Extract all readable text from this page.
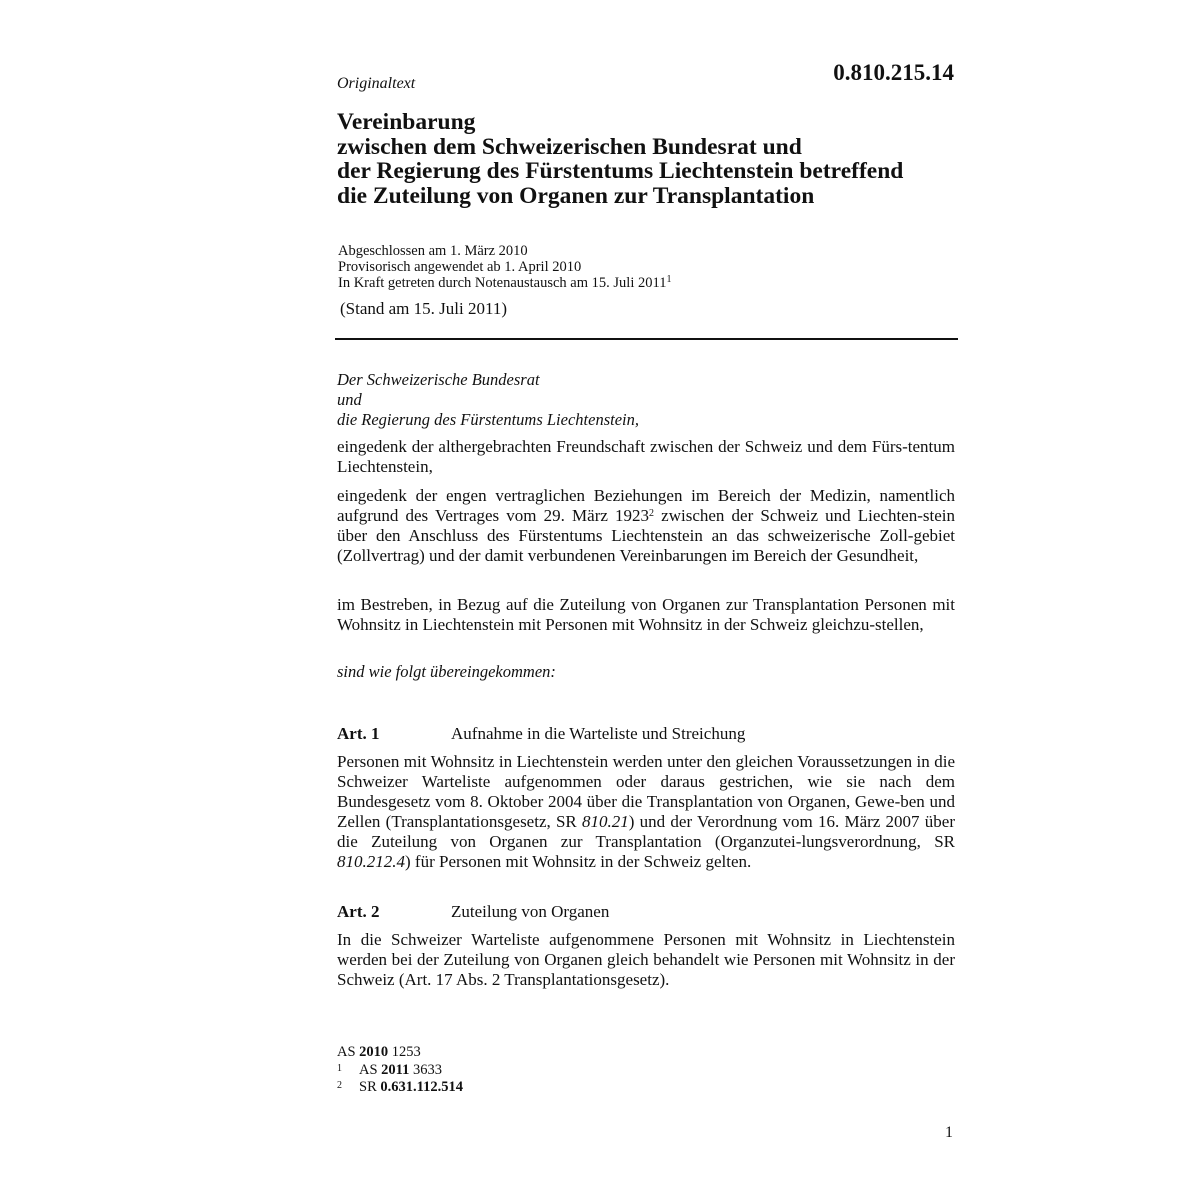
Originaltext	0.810.215.14
Vereinbarung
zwischen dem Schweizerischen Bundesrat und
der Regierung des Fürstentums Liechtenstein betreffend
die Zuteilung von Organen zur Transplantation
Abgeschlossen am 1. März 2010
Provisorisch angewendet ab 1. April 2010
In Kraft getreten durch Notenaustausch am 15. Juli 2011$^1$
(Stand am 15. Juli 2011)
Der Schweizerische Bundesrat
und
die Regierung des Fürstentums Liechtenstein,
eingedenk der althergebrachten Freundschaft zwischen der Schweiz und dem Fürs-tentum Liechtenstein,
eingedenk der engen vertraglichen Beziehungen im Bereich der Medizin, namentlich aufgrund des Vertrages vom 29. März 1923$^2$ zwischen der Schweiz und Liechten-stein über den Anschluss des Fürstentums Liechtenstein an das schweizerische Zoll-gebiet (Zollvertrag) und der damit verbundenen Vereinbarungen im Bereich der Gesundheit,
im Bestreben, in Bezug auf die Zuteilung von Organen zur Transplantation Personen mit Wohnsitz in Liechtenstein mit Personen mit Wohnsitz in der Schweiz gleichzu-stellen,
sind wie folgt übereingekommen:
Art. 1	Aufnahme in die Warteliste und Streichung
Personen mit Wohnsitz in Liechtenstein werden unter den gleichen Voraussetzungen in die Schweizer Warteliste aufgenommen oder daraus gestrichen, wie sie nach dem Bundesgesetz vom 8. Oktober 2004 über die Transplantation von Organen, Gewe-ben und Zellen (Transplantationsgesetz, SR 810.21) und der Verordnung vom 16. März 2007 über die Zuteilung von Organen zur Transplantation (Organzutei-lungsverordnung, SR 810.212.4) für Personen mit Wohnsitz in der Schweiz gelten.
Art. 2	Zuteilung von Organen
In die Schweizer Warteliste aufgenommene Personen mit Wohnsitz in Liechtenstein werden bei der Zuteilung von Organen gleich behandelt wie Personen mit Wohnsitz in der Schweiz (Art. 17 Abs. 2 Transplantationsgesetz).
AS 2010 1253
1	AS 2011 3633
2	SR 0.631.112.514
1
